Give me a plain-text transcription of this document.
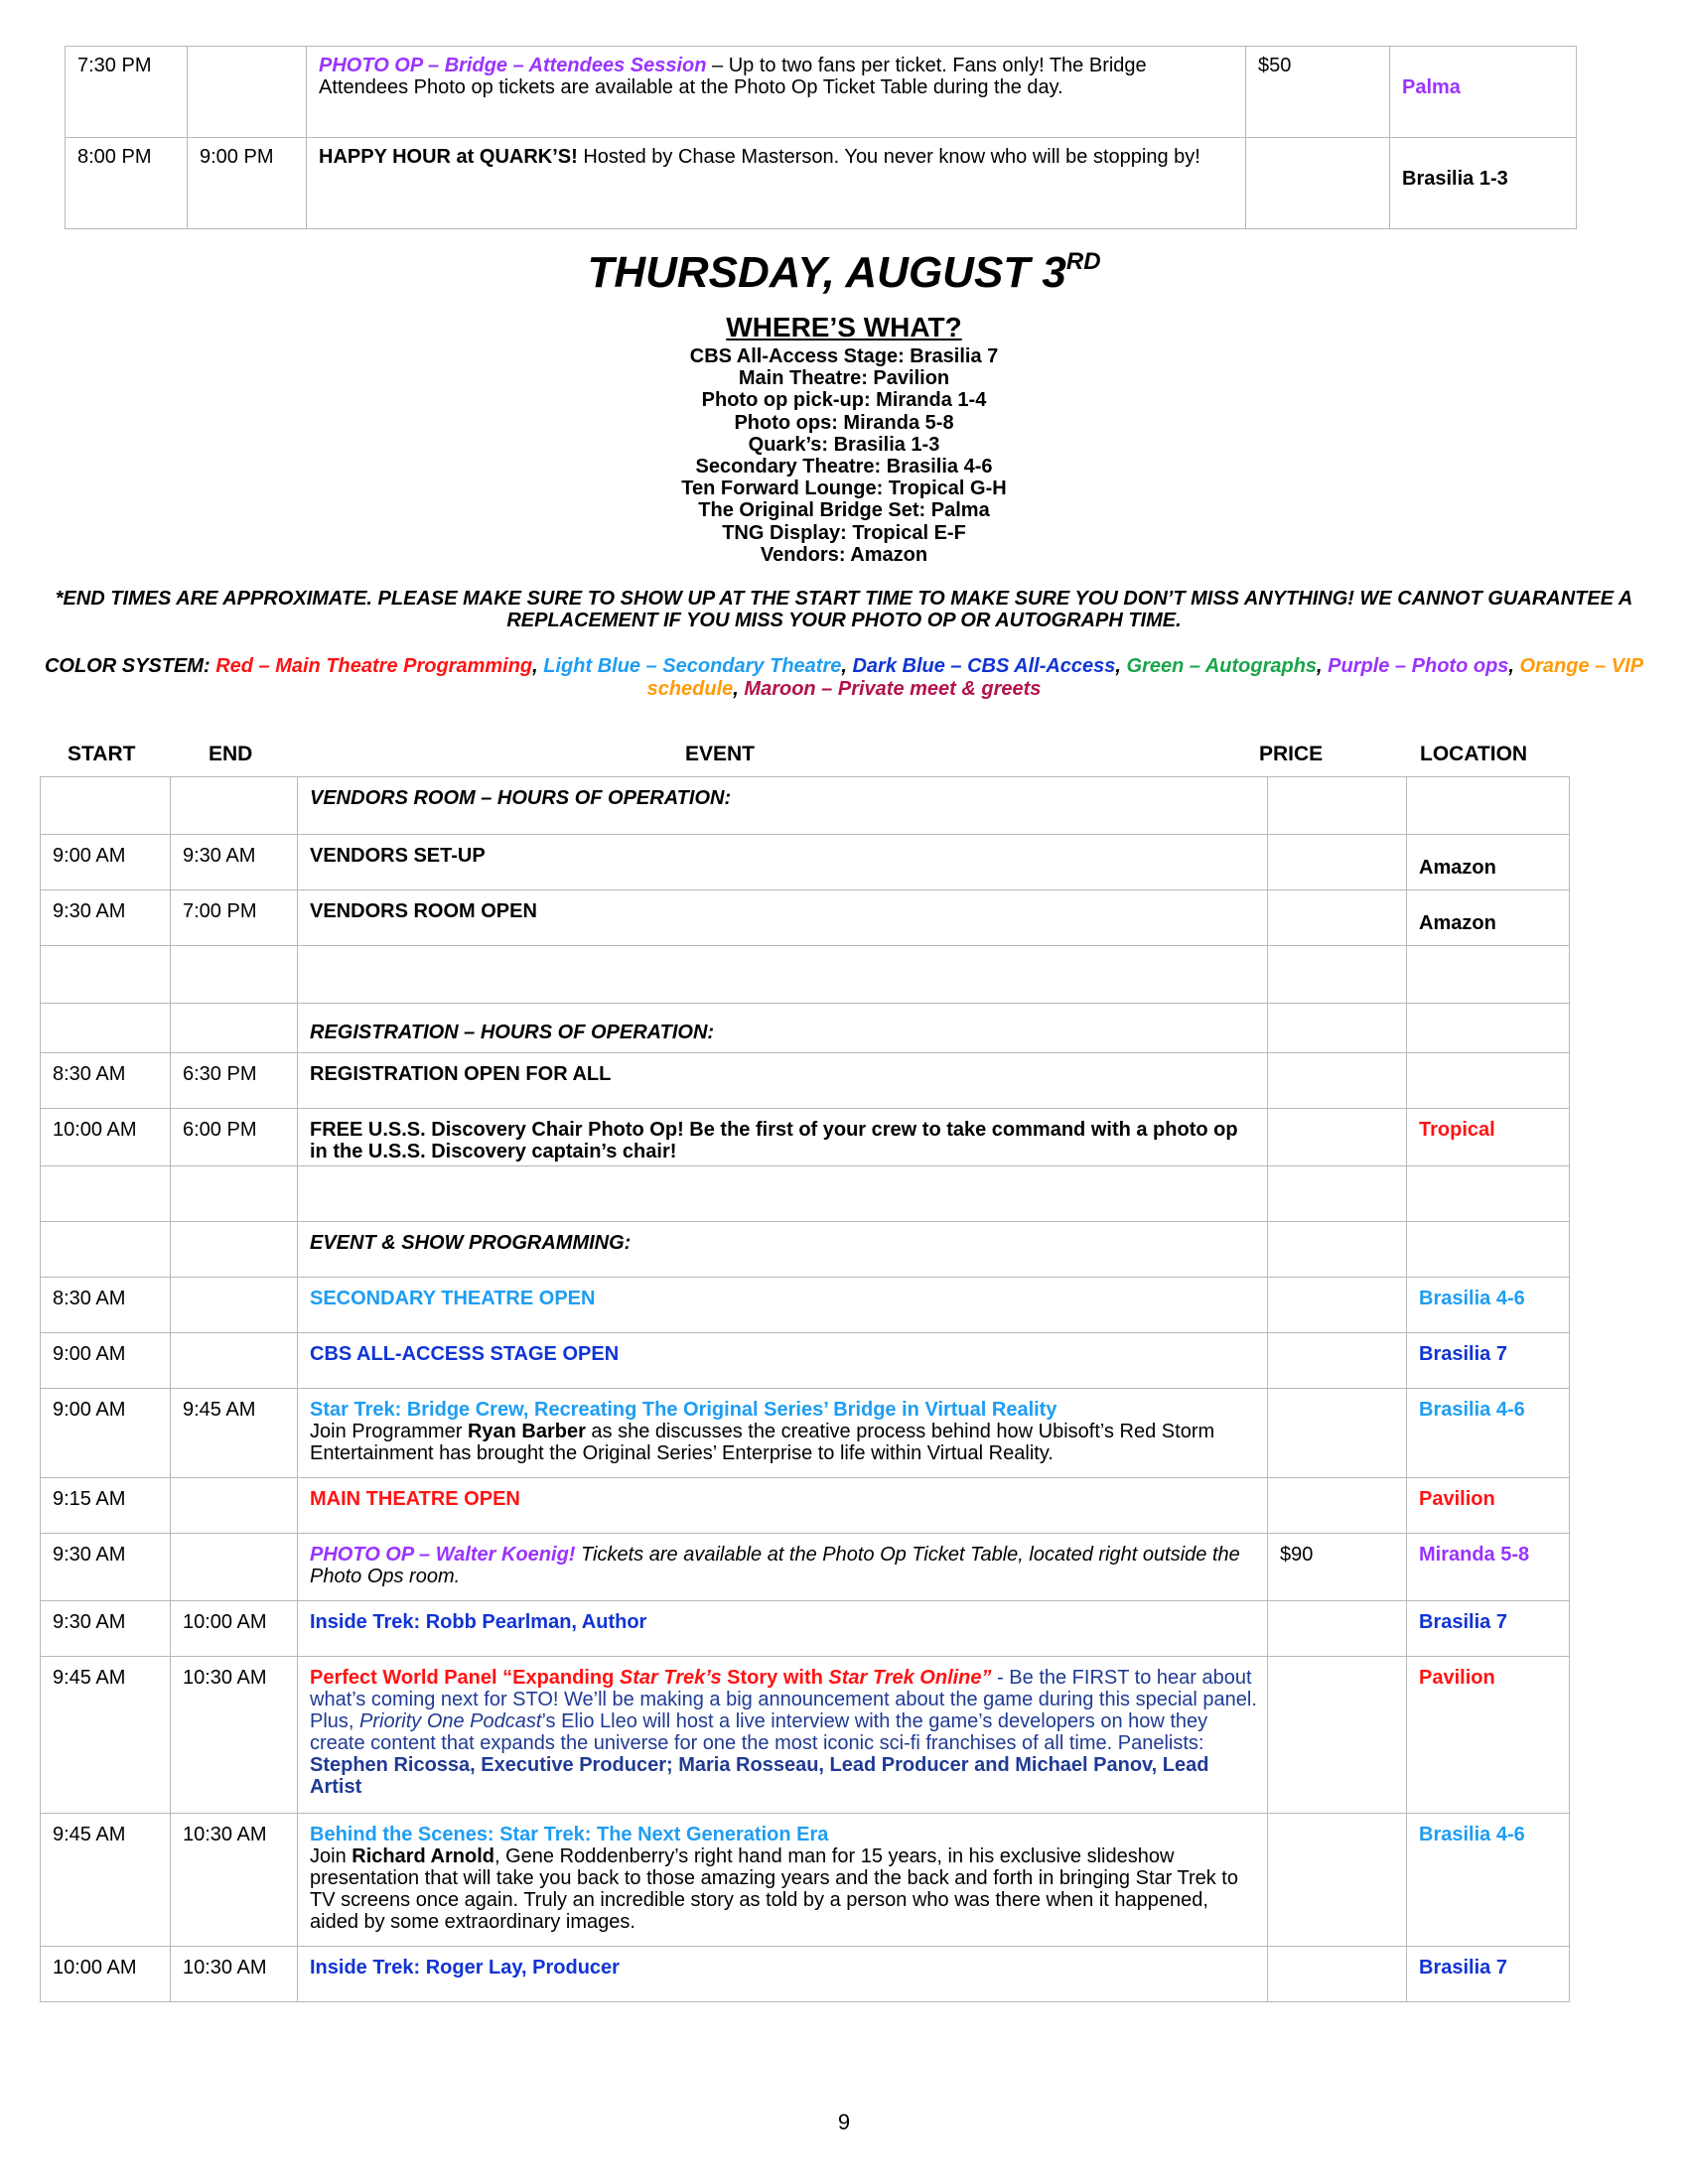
7:30 PM		PHOTO OP – Bridge – Attendees Session – Up to two fans per ticket. Fans only! The Bridge Attendees Photo op tickets are available at the Photo Op Ticket Table during the day.	$50	Palma
8:00 PM	9:00 PM	HAPPY HOUR at QUARK’S! Hosted by Chase Masterson. You never know who will be stopping by!		Brasilia 1-3
THURSDAY, AUGUST 3RD
WHERE’S WHAT?
CBS All-Access Stage: Brasilia 7
Main Theatre: Pavilion
Photo op pick-up: Miranda 1-4
Photo ops: Miranda 5-8
Quark’s: Brasilia 1-3
Secondary Theatre: Brasilia 4-6
Ten Forward Lounge: Tropical G-H
The Original Bridge Set: Palma
TNG Display: Tropical E-F
Vendors: Amazon
*END TIMES ARE APPROXIMATE. PLEASE MAKE SURE TO SHOW UP AT THE START TIME TO MAKE SURE YOU DON’T MISS ANYTHING! WE CANNOT GUARANTEE A REPLACEMENT IF YOU MISS YOUR PHOTO OP OR AUTOGRAPH TIME.
COLOR SYSTEM: Red – Main Theatre Programming, Light Blue – Secondary Theatre, Dark Blue – CBS All-Access, Green – Autographs, Purple – Photo ops, Orange – VIP schedule, Maroon – Private meet & greets
START	END	EVENT	PRICE	LOCATION
		VENDORS ROOM – HOURS OF OPERATION:		
9:00 AM	9:30 AM	VENDORS SET-UP		Amazon
9:30 AM	7:00 PM	VENDORS ROOM OPEN		Amazon

		REGISTRATION – HOURS OF OPERATION:		
8:30 AM	6:30 PM	REGISTRATION OPEN FOR ALL		
10:00 AM	6:00 PM	FREE U.S.S. Discovery Chair Photo Op! Be the first of your crew to take command with a photo op in the U.S.S. Discovery captain’s chair!		Tropical

		EVENT & SHOW PROGRAMMING:		
8:30 AM		SECONDARY THEATRE OPEN		Brasilia 4-6
9:00 AM		CBS ALL-ACCESS STAGE OPEN		Brasilia 7
9:00 AM	9:45 AM	Star Trek: Bridge Crew, Recreating The Original Series’ Bridge in Virtual Reality
Join Programmer Ryan Barber as she discusses the creative process behind how Ubisoft’s Red Storm Entertainment has brought the Original Series’ Enterprise to life within Virtual Reality.		Brasilia 4-6
9:15 AM		MAIN THEATRE OPEN		Pavilion
9:30 AM		PHOTO OP – Walter Koenig! Tickets are available at the Photo Op Ticket Table, located right outside the Photo Ops room.	$90	Miranda 5-8
9:30 AM	10:00 AM	Inside Trek: Robb Pearlman, Author		Brasilia 7
9:45 AM	10:30 AM	Perfect World Panel “Expanding Star Trek’s Story with Star Trek Online” - Be the FIRST to hear about what’s coming next for STO! We’ll be making a big announcement about the game during this special panel. Plus, Priority One Podcast’s Elio Lleo will host a live interview with the game’s developers on how they create content that expands the universe for one the most iconic sci-fi franchises of all time. Panelists: Stephen Ricossa, Executive Producer; Maria Rosseau, Lead Producer and Michael Panov, Lead Artist		Pavilion
9:45 AM	10:30 AM	Behind the Scenes: Star Trek: The Next Generation Era
Join Richard Arnold, Gene Roddenberry’s right hand man for 15 years, in his exclusive slideshow presentation that will take you back to those amazing years and the back and forth in bringing Star Trek to TV screens once again. Truly an incredible story as told by a person who was there when it happened, aided by some extraordinary images.		Brasilia 4-6
10:00 AM	10:30 AM	Inside Trek: Roger Lay, Producer		Brasilia 7
9
